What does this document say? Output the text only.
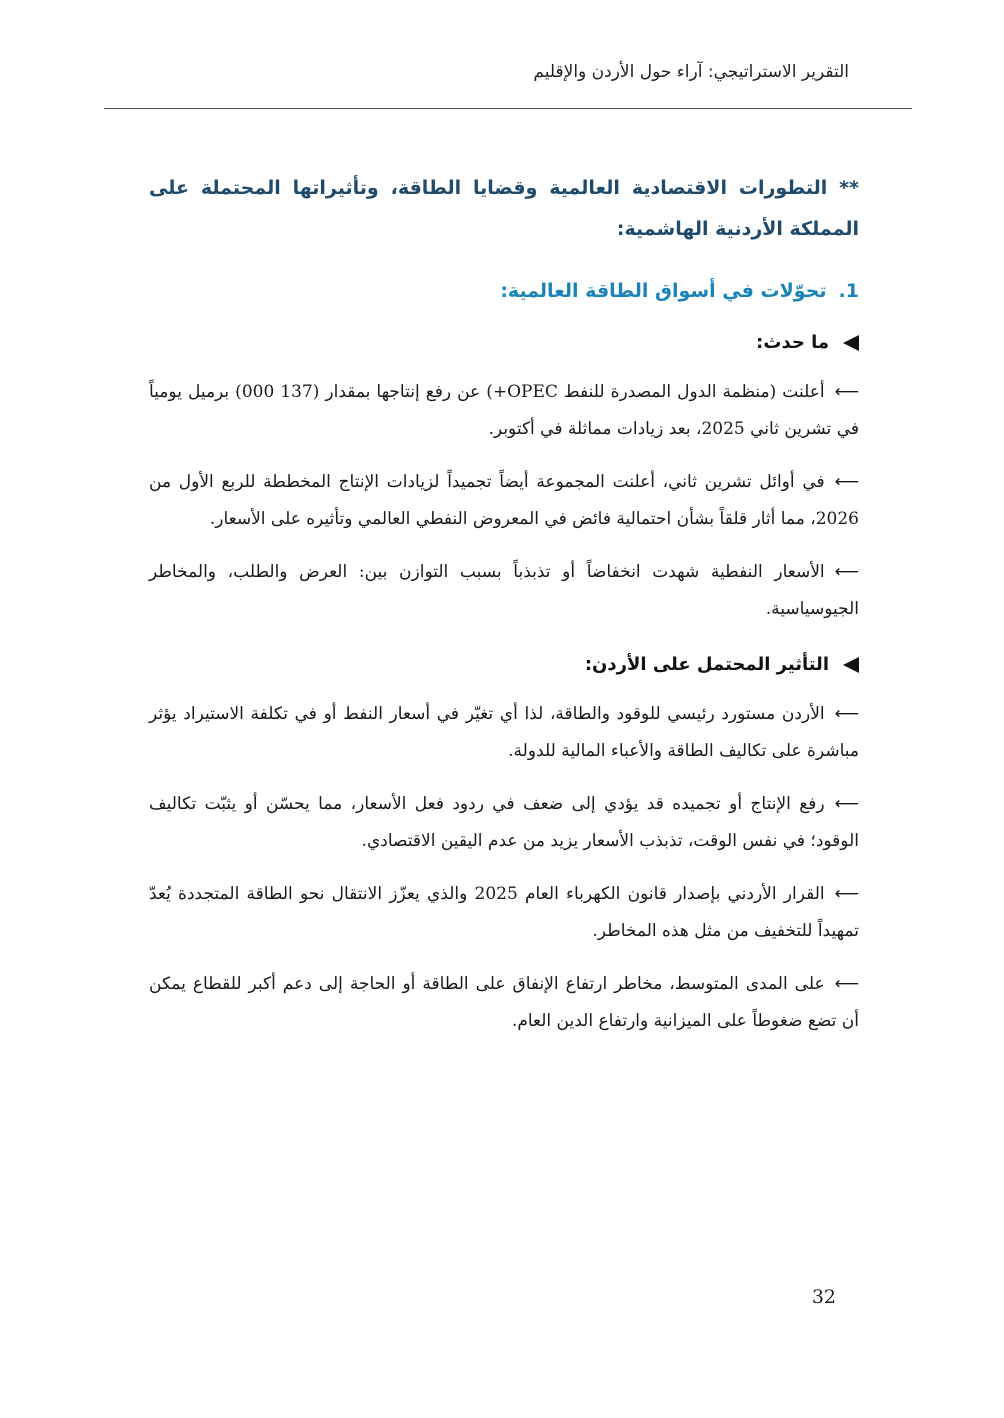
التقرير الاستراتيجي: آراء حول الأردن والإقليم

** التطورات الاقتصادية العالمية وقضايا الطاقة، وتأثيراتها المحتملة على المملكة الأردنية الهاشمية:

1.تحوّلات في أسواق الطاقة العالمية:
ما حدث:

⟵أعلنت (منظمة الدول المصدرة للنفط OPEC+) عن رفع إنتاجها بمقدار (137 000) برميل يومياً في تشرين ثاني 2025، بعد زيادات مماثلة في أكتوبر.

⟵في أوائل تشرين ثاني، أعلنت المجموعة أيضاً تجميداً لزيادات الإنتاج المخططة للربع الأول من 2026، مما أثار قلقاً بشأن احتمالية فائض في المعروض النفطي العالمي وتأثيره على الأسعار.

⟵الأسعار النفطية شهدت انخفاضاً أو تذبذباً بسبب التوازن بين: العرض والطلب، والمخاطر الجيوسياسية.

التأثير المحتمل على الأردن:

⟵الأردن مستورد رئيسي للوقود والطاقة، لذا أي تغيّر في أسعار النفط أو في تكلفة الاستيراد يؤثر مباشرة على تكاليف الطاقة والأعباء المالية للدولة.

⟵رفع الإنتاج أو تجميده قد يؤدي إلى ضعف في ردود فعل الأسعار، مما يحسّن أو يثبّت تكاليف الوقود؛ في نفس الوقت، تذبذب الأسعار يزيد من عدم اليقين الاقتصادي.

⟵القرار الأردني بإصدار قانون الكهرباء العام 2025 والذي يعزّز الانتقال نحو الطاقة المتجددة يُعدّ تمهيداً للتخفيف من مثل هذه المخاطر.

⟵على المدى المتوسط، مخاطر ارتفاع الإنفاق على الطاقة أو الحاجة إلى دعم أكبر للقطاع يمكن أن تضع ضغوطاً على الميزانية وارتفاع الدين العام.

32
